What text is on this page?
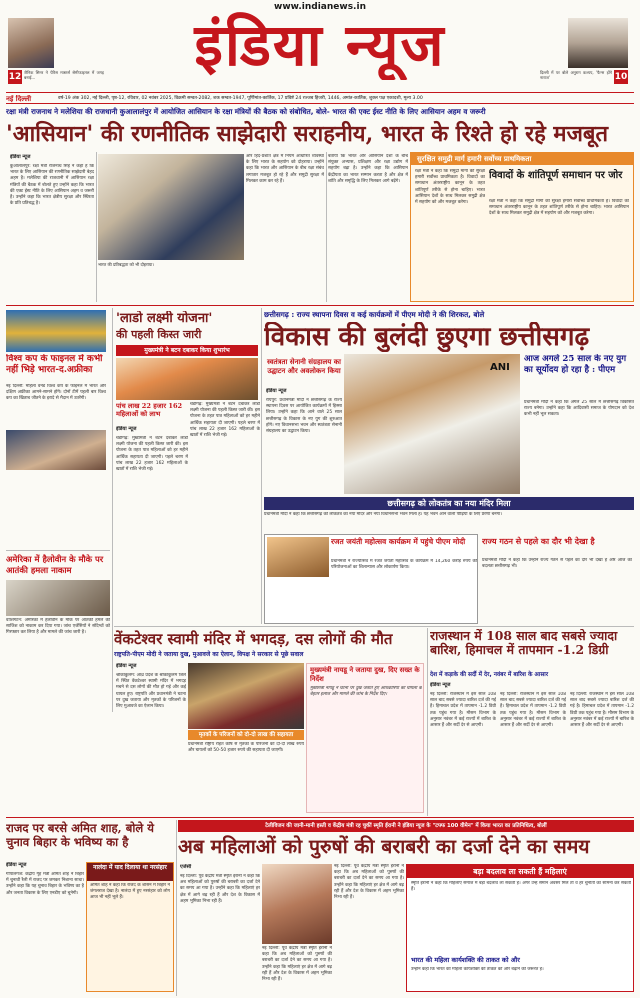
12 जैनिक सिनर ने पेरिस मास्टर्स सेमीफाइनल में जगह बनाई...
www.indianews.in
इंडिया न्यूज	10
दिल्ली में पर बोले अनुराग कश्यप, 'फैन्स होंगे नाराज'
नई दिल्ली	वर्ष-19 अंक 302, नई दिल्ली, पृष्ठ-12, रविवार, 02 नवंबर 2025, विक्रमी सम्वत-2082, शक सम्वत-1947, पूर्णिमांत-कार्तिक, 17 प्रविष्टे 24 रज्जब हिजरी, 1446, अमांत-कार्तिक, शुक्ल पक्ष एकादशी, मूल्य 3.00
रक्षा मंत्री राजनाथ ने मलेशिया की राजधानी कुआलालंपुर में आयोजित आसियान के रक्षा मंत्रियों की बैठक को संबोधित, बोले- भारत की एक्ट ईस्ट नीति के लिए आसियान अहम व जरूरी
'आसियान' की रणनीतिक साझेदारी सराहनीय, भारत के रिश्ते हो रहे मजबूत
इंडिया न्यूज
कुआलालंपुर: रक्षा मंत्री राजनाथ सिंह ने कहा है कि भारत के लिए आसियान की रणनीतिक साझेदारी बेहद अहम है। मलेशिया की राजधानी में आसियान रक्षा मंत्रियों की बैठक में बोलते हुए उन्होंने कहा कि भारत की एक्ट ईस्ट नीति के लिए आसियान अहम व जरूरी है। उन्होंने कहा कि भारत क्षेत्रीय सुरक्षा और स्थिरता के प्रति प्रतिबद्ध है।
भारत की प्रतिबद्धता को भी दोहराया।
और हिंद-प्रशांत क्षेत्र में नियम आधारित व्यवस्था के लिए भारत के सहयोग को दोहराया। उन्होंने कहा कि भारत और आसियान के बीच रक्षा संबंध लगातार मजबूत हो रहे हैं और समुद्री सुरक्षा में मिलकर काम कर रहे हैं।
बताया कि भारत और आसियान देशों के बीच संयुक्त अभ्यास, प्रशिक्षण और रक्षा उद्योग में सहयोग बढ़ा है। उन्होंने कहा कि आसियान केंद्रीयता का भारत सम्मान करता है और क्षेत्र में शांति और समृद्धि के लिए मिलकर आगे बढ़ेंगे।
सुरक्षित समुद्री मार्ग हमारी सर्वोच्च प्राथमिकता
रक्षा मंत्री ने कहा कि समुद्री मार्गों की सुरक्षा हमारी सर्वोच्च प्राथमिकता है। विवादों का समाधान अंतरराष्ट्रीय कानून के तहत शांतिपूर्ण तरीके से होना चाहिए। भारत आसियान देशों के साथ मिलकर समुद्री क्षेत्र में सहयोग को और मजबूत करेगा।
विवादों के शांतिपूर्ण समाधान पर जोर
रक्षा मंत्री ने कहा कि समुद्री मार्गों की सुरक्षा हमारी सर्वोच्च प्राथमिकता है। विवादों का समाधान अंतरराष्ट्रीय कानून के तहत शांतिपूर्ण तरीके से होना चाहिए। भारत आसियान देशों के साथ मिलकर समुद्री क्षेत्र में सहयोग को और मजबूत करेगा।
विश्व कप के फाइनल में कभी नहीं भिड़े भारत-द.अफ्रीका
नई दिल्ली: महिला वनडे विश्व कप के फाइनल में भारत और दक्षिण अफ्रीका आमने-सामने होंगे। दोनों टीमें पहली बार विश्व कप का खिताब जीतने के इरादे से मैदान में उतरेंगी।
अमेरिका में हैलोवीन के मौके पर आतंकी हमला नाकाम
वॉशिंगटन: अमेरिका में हैलोवीन के मौके पर आतंकी हमले की साजिश को नाकाम कर दिया गया। जांच एजेंसियों ने संदिग्धों को गिरफ्तार कर लिया है और मामले की जांच जारी है।
'लाडो लक्ष्मी योजना'
की पहली किस्त जारी
मुख्यमंत्री ने बटन दबाकर किया शुभारंभ
पांच लाख 22 हजार 162 महिलाओं को लाभ
इंडिया न्यूज
चंडीगढ़: मुख्यमंत्री ने बटन दबाकर लाडो लक्ष्मी योजना की पहली किस्त जारी की। इस योजना के तहत पात्र महिलाओं को हर महीने आर्थिक सहायता दी जाएगी। पहले चरण में पांच लाख 22 हजार 162 महिलाओं के खातों में राशि भेजी गई।
चंडीगढ़: मुख्यमंत्री ने बटन दबाकर लाडो लक्ष्मी योजना की पहली किस्त जारी की। इस योजना के तहत पात्र महिलाओं को हर महीने आर्थिक सहायता दी जाएगी। पहले चरण में पांच लाख 22 हजार 162 महिलाओं के खातों में राशि भेजी गई।
छत्तीसगढ़ : राज्य स्थापना दिवस व कई कार्यक्रमों में पीएम मोदी ने की शिरकत, बोले
विकास की बुलंदी छुएगा छत्तीसगढ़
स्वतंत्रता सेनानी संग्रहालय का उद्घाटन और अवलोकन किया
इंडिया न्यूज
रायपुर: प्रधानमंत्री मोदी ने छत्तीसगढ़ के राज्य स्थापना दिवस पर आयोजित कार्यक्रमों में हिस्सा लिया। उन्होंने कहा कि आने वाले 25 साल छत्तीसगढ़ के विकास के नए युग की शुरुआत होंगे। नए विधानसभा भवन और स्वतंत्रता सेनानी संग्रहालय का उद्घाटन किया।
ANI
आज अगले 25 साल के नए युग का सूर्योदय हो रहा है : पीएम
प्रधानमंत्री मोदी ने कहा कि अगले 25 साल में छत्तीसगढ़ विकसित राज्य बनेगा। उन्होंने कहा कि आदिवासी समाज के योगदान को देश कभी नहीं भूल सकता।
छत्तीसगढ़ को लोकतंत्र का नया मंदिर मिला
प्रधानमंत्री मोदी ने कहा कि छत्तीसगढ़ को लोकतंत्र का नया मंदिर और नया विधानसभा भवन मिला है। यह भवन आने वाली पीढ़ियों के लिए प्रेरणा बनेगा।
रजत जयंती महोत्सव कार्यक्रम में पहुंचे पीएम मोदी
प्रधानमंत्री ने राज्योत्सव में रजत जयंती महोत्सव के कार्यक्रम में 14,260 करोड़ रुपये की परियोजनाओं का शिलान्यास और लोकार्पण किया।
राज्य गठन से पहले का दौर भी देखा है
प्रधानमंत्री मोदी ने कहा कि उन्होंने राज्य गठन से पहले का दौर भी देखा है और आज का बदलता छत्तीसगढ़ भी।
वेंकटेश्वर स्वामी मंदिर में भगदड़, दस लोगों की मौत
राष्ट्रपति-पीएम मोदी ने जताया दुख, मुआवजे का ऐलान, विपक्ष ने सरकार से पूछे सवाल
इंडिया न्यूज
श्रीकाकुलम: आंध्र प्रदेश के श्रीकाकुलम जिले में स्थित वेंकटेश्वर स्वामी मंदिर में भगदड़ मचने से दस लोगों की मौत हो गई और कई घायल हुए। राष्ट्रपति और प्रधानमंत्री ने घटना पर दुख जताया और मृतकों के परिजनों के लिए मुआवजे का ऐलान किया।
मृतकों के परिजनों को दो-दो लाख की सहायता
प्रधानमंत्री राष्ट्रीय राहत कोष से मृतकों के परिजनों को दो-दो लाख रुपये और घायलों को 50-50 हजार रुपये की सहायता दी जाएगी।
मुख्यमंत्री नायडू ने जताया दुख, दिए सख्त के निर्देश
मुख्यमंत्री नायडू ने घटना पर दुख जताते हुए अधिकारियों को घायलों के बेहतर इलाज और मामले की जांच के निर्देश दिए।
राजस्थान में 108 साल बाद सबसे ज्यादा बारिश, हिमाचल में तापमान -1.2 डिग्री
देश में कड़ाके की सर्दी में देर, नवंबर में बारिश के आसार
इंडिया न्यूज
नई दिल्ली: राजस्थान में इस साल 108 साल बाद सबसे ज्यादा बारिश दर्ज की गई है। हिमाचल प्रदेश में तापमान -1.2 डिग्री तक पहुंच गया है। मौसम विभाग के अनुसार नवंबर में कई राज्यों में बारिश के आसार हैं और सर्दी देर से आएगी।
नई दिल्ली: राजस्थान में इस साल 108 साल बाद सबसे ज्यादा बारिश दर्ज की गई है। हिमाचल प्रदेश में तापमान -1.2 डिग्री तक पहुंच गया है। मौसम विभाग के अनुसार नवंबर में कई राज्यों में बारिश के आसार हैं और सर्दी देर से आएगी।
नई दिल्ली: राजस्थान में इस साल 108 साल बाद सबसे ज्यादा बारिश दर्ज की गई है। हिमाचल प्रदेश में तापमान -1.2 डिग्री तक पहुंच गया है। मौसम विभाग के अनुसार नवंबर में कई राज्यों में बारिश के आसार हैं और सर्दी देर से आएगी।
राजद पर बरसे अमित शाह, बोले ये चुनाव बिहार के भविष्य का है
इंडिया न्यूज
गोपालगंज: केंद्रीय गृह मंत्री अमित शाह ने बिहार में चुनावी रैली में राजद पर जमकर निशाना साधा। उन्होंने कहा कि यह चुनाव बिहार के भविष्य का है और जनता विकास के लिए एनडीए को चुनेगी।
नालंदा में याद दिलाया था नरसंहार
अमित शाह ने कहा कि राजद के शासन में बिहार ने जंगलराज देखा है। नालंदा में हुए नरसंहार को लोग आज भी नहीं भूले हैं।
टेलीविजन की जानी-मानी हस्ती व केंद्रीय मंत्री रह चुकीं स्मृति ईरानी ने इंडिया न्यूज के "टफ्फ 100 वीमेन" में किया भारत का प्रतिनिधित्व, बोलीं
अब महिलाओं को पुरुषों की बराबरी का दर्जा देने का समय
एजेंसी
नई दिल्ली: पूर्व केंद्रीय मंत्री स्मृति ईरानी ने कहा कि अब महिलाओं को पुरुषों की बराबरी का दर्जा देने का समय आ गया है। उन्होंने कहा कि महिलाएं हर क्षेत्र में आगे बढ़ रही हैं और देश के विकास में अहम भूमिका निभा रही हैं।
नई दिल्ली: पूर्व केंद्रीय मंत्री स्मृति ईरानी ने कहा कि अब महिलाओं को पुरुषों की बराबरी का दर्जा देने का समय आ गया है। उन्होंने कहा कि महिलाएं हर क्षेत्र में आगे बढ़ रही हैं और देश के विकास में अहम भूमिका निभा रही हैं।
नई दिल्ली: पूर्व केंद्रीय मंत्री स्मृति ईरानी ने कहा कि अब महिलाओं को पुरुषों की बराबरी का दर्जा देने का समय आ गया है। उन्होंने कहा कि महिलाएं हर क्षेत्र में आगे बढ़ रही हैं और देश के विकास में अहम भूमिका निभा रही हैं।
बड़ा बदलाव ला सकती हैं महिलाएं
स्मृति ईरानी ने कहा कि महिलाएं समाज में बड़ा बदलाव ला सकती हैं। अगर उन्हें समान अवसर मिलें तो वे हर चुनौती का सामना कर सकती हैं।
भारत की महिला कार्यशक्ति की ताकत को और
उन्होंने कहा कि भारत की महिला कार्यशक्ति की ताकत को और बढ़ाने की जरूरत है।
